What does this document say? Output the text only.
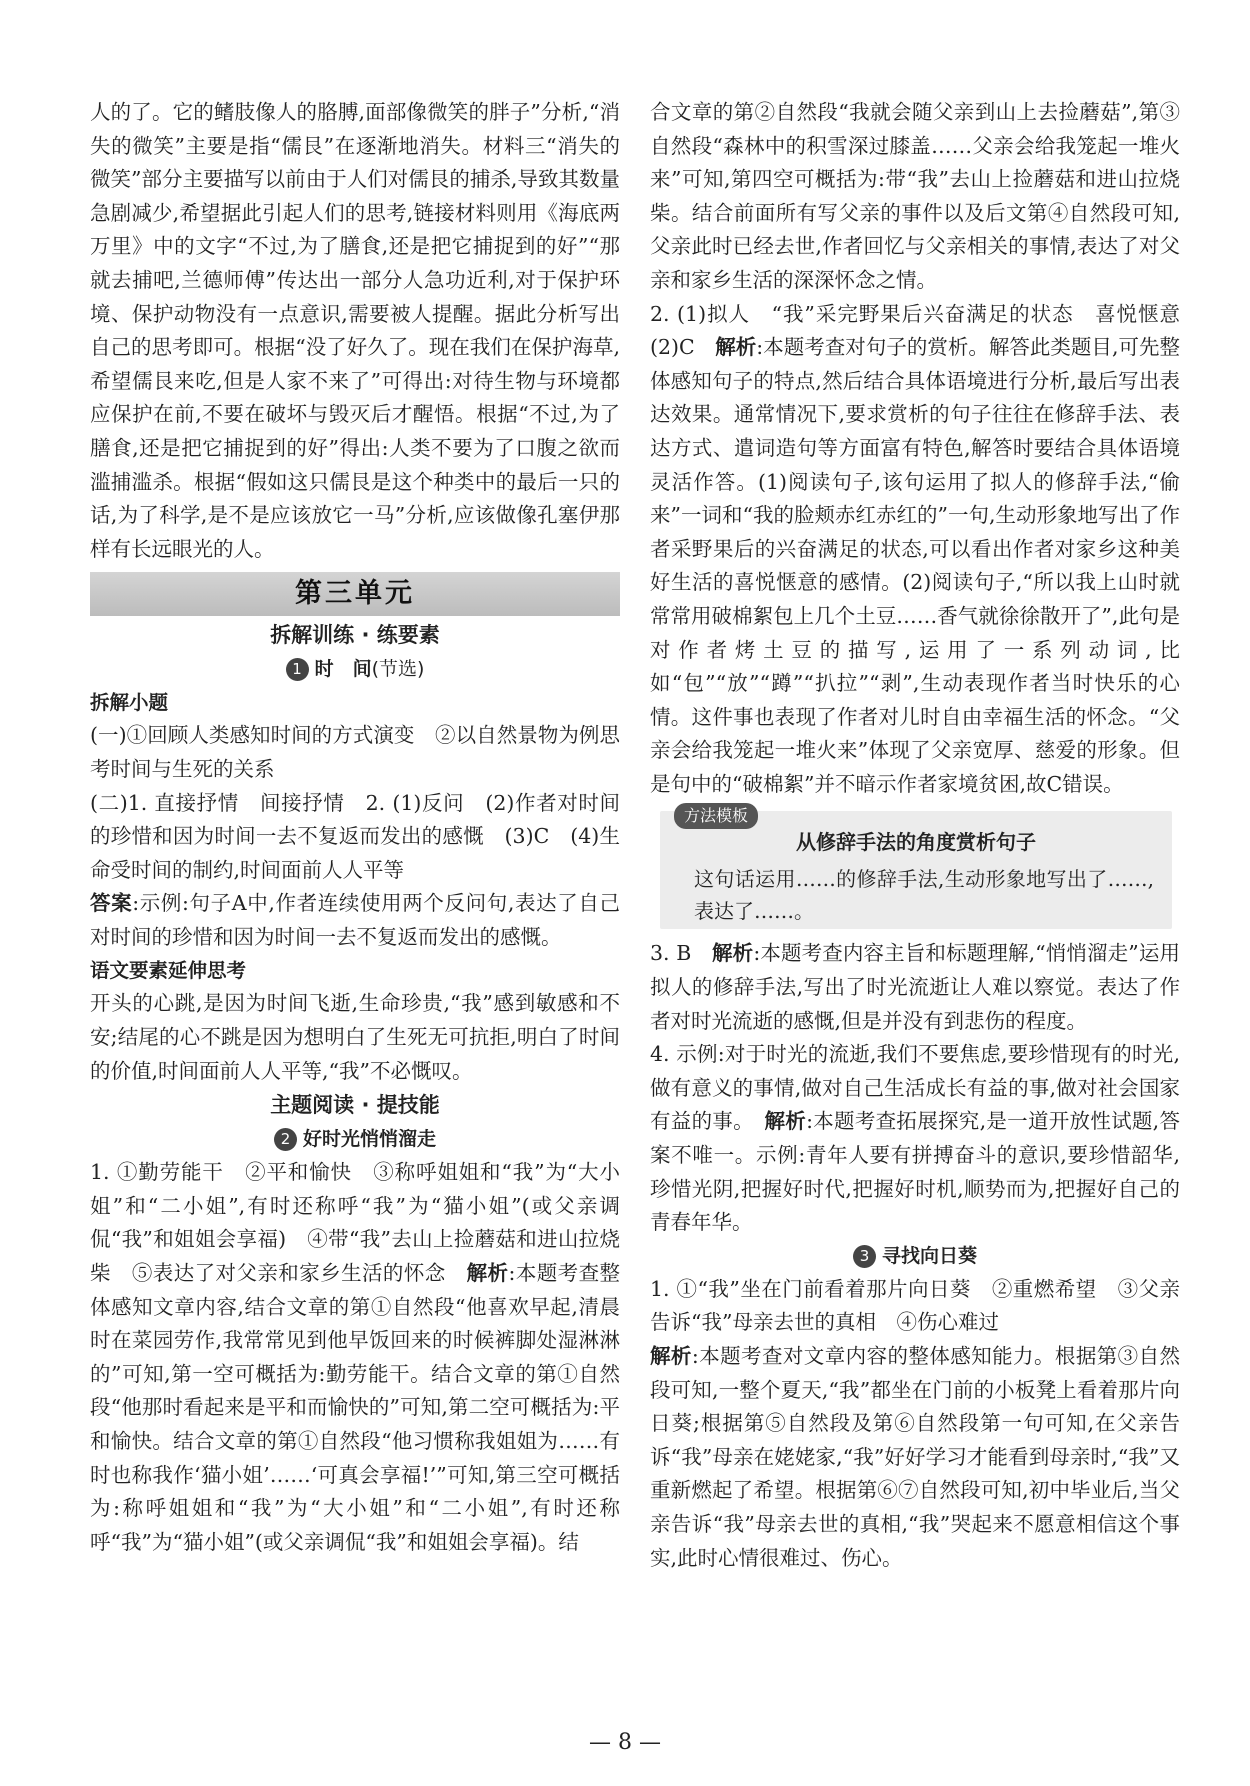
人的了。它的鳍肢像人的胳膊,面部像微笑的胖子”分析,“消失的微笑”主要是指“儒艮”在逐渐地消失。材料三“消失的微笑”部分主要描写以前由于人们对儒艮的捕杀,导致其数量急剧减少,希望据此引起人们的思考,链接材料则用《海底两万里》中的文字“不过,为了膳食,还是把它捕捉到的好”“那就去捕吧,兰德师傅”传达出一部分人急功近利,对于保护环境、保护动物没有一点意识,需要被人提醒。据此分析写出自己的思考即可。根据“没了好久了。现在我们在保护海草,希望儒艮来吃,但是人家不来了”可得出:对待生物与环境都应保护在前,不要在破坏与毁灭后才醒悟。根据“不过,为了膳食,还是把它捕捉到的好”得出:人类不要为了口腹之欲而滥捕滥杀。根据“假如这只儒艮是这个种类中的最后一只的话,为了科学,是不是应该放它一马”分析,应该做像孔塞伊那样有长远眼光的人。

第三单元
拆解训练 · 练要素
1 时　间(节选)
拆解小题

(一)①回顾人类感知时间的方式演变　②以自然景物为例思考时间与生死的关系

(二)1. 直接抒情　间接抒情　2. (1)反问　(2)作者对时间的珍惜和因为时间一去不复返而发出的感慨　(3)C　(4)生命受时间的制约,时间面前人人平等

答案:示例:句子A中,作者连续使用两个反问句,表达了自己对时间的珍惜和因为时间一去不复返而发出的感慨。

语文要素延伸思考

开头的心跳,是因为时间飞逝,生命珍贵,“我”感到敏感和不安;结尾的心不跳是因为想明白了生死无可抗拒,明白了时间的价值,时间面前人人平等,“我”不必慨叹。

主题阅读 · 提技能
2 好时光悄悄溜走

1. ①勤劳能干　②平和愉快　③称呼姐姐和“我”为“大小姐”和“二小姐”,有时还称呼“我”为“猫小姐”(或父亲调侃“我”和姐姐会享福)　④带“我”去山上捡蘑菇和进山拉烧柴　⑤表达了对父亲和家乡生活的怀念　解析:本题考查整体感知文章内容,结合文章的第①自然段“他喜欢早起,清晨时在菜园劳作,我常常见到他早饭回来的时候裤脚处湿淋淋的”可知,第一空可概括为:勤劳能干。结合文章的第①自然段“他那时看起来是平和而愉快的”可知,第二空可概括为:平和愉快。结合文章的第①自然段“他习惯称我姐姐为……有时也称我作‘猫小姐’……‘可真会享福!’”可知,第三空可概括为:称呼姐姐和“我”为“大小姐”和“二小姐”,有时还称呼“我”为“猫小姐”(或父亲调侃“我”和姐姐会享福)。结

合文章的第②自然段“我就会随父亲到山上去捡蘑菇”,第③自然段“森林中的积雪深过膝盖……父亲会给我笼起一堆火来”可知,第四空可概括为:带“我”去山上捡蘑菇和进山拉烧柴。结合前面所有写父亲的事件以及后文第④自然段可知,父亲此时已经去世,作者回忆与父亲相关的事情,表达了对父亲和家乡生活的深深怀念之情。

2. (1)拟人　“我”采完野果后兴奋满足的状态　喜悦惬意　(2)C　解析:本题考查对句子的赏析。解答此类题目,可先整体感知句子的特点,然后结合具体语境进行分析,最后写出表达效果。通常情况下,要求赏析的句子往往在修辞手法、表达方式、遣词造句等方面富有特色,解答时要结合具体语境灵活作答。(1)阅读句子,该句运用了拟人的修辞手法,“偷来”一词和“我的脸颊赤红赤红的”一句,生动形象地写出了作者采野果后的兴奋满足的状态,可以看出作者对家乡这种美好生活的喜悦惬意的感情。(2)阅读句子,“所以我上山时就常常用破棉絮包上几个土豆……香气就徐徐散开了”,此句是对作者烤土豆的描写,运用了一系列动词,比如“包”“放”“蹲”“扒拉”“剥”,生动表现作者当时快乐的心情。这件事也表现了作者对儿时自由幸福生活的怀念。“父亲会给我笼起一堆火来”体现了父亲宽厚、慈爱的形象。但是句中的“破棉絮”并不暗示作者家境贫困,故C错误。

方法模板
从修辞手法的角度赏析句子
这句话运用……的修辞手法,生动形象地写出了……,表达了……。

3. B　解析:本题考查内容主旨和标题理解,“悄悄溜走”运用拟人的修辞手法,写出了时光流逝让人难以察觉。表达了作者对时光流逝的感慨,但是并没有到悲伤的程度。

4. 示例:对于时光的流逝,我们不要焦虑,要珍惜现有的时光,做有意义的事情,做对自己生活成长有益的事,做对社会国家有益的事。　解析:本题考查拓展探究,是一道开放性试题,答案不唯一。示例:青年人要有拼搏奋斗的意识,要珍惜韶华,珍惜光阴,把握好时代,把握好时机,顺势而为,把握好自己的青春年华。

3 寻找向日葵

1. ①“我”坐在门前看着那片向日葵　②重燃希望　③父亲告诉“我”母亲去世的真相　④伤心难过

解析:本题考查对文章内容的整体感知能力。根据第③自然段可知,一整个夏天,“我”都坐在门前的小板凳上看着那片向日葵;根据第⑤自然段及第⑥自然段第一句可知,在父亲告诉“我”母亲在姥姥家,“我”好好学习才能看到母亲时,“我”又重新燃起了希望。根据第⑥⑦自然段可知,初中毕业后,当父亲告诉“我”母亲去世的真相,“我”哭起来不愿意相信这个事实,此时心情很难过、伤心。

— 8 —
